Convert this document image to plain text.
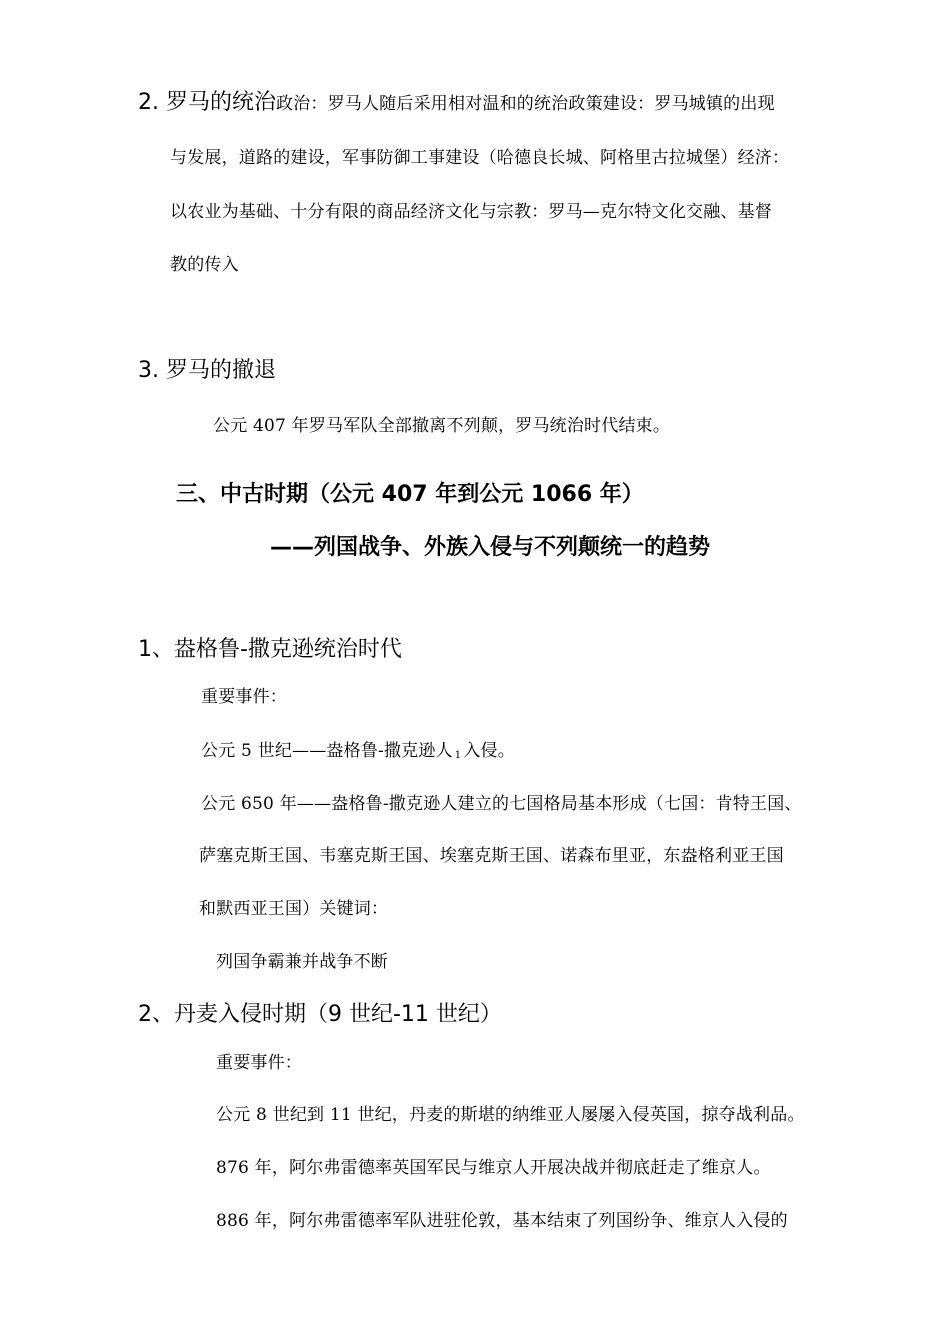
2. 罗马的统治政治：罗马人随后采用相对温和的统治政策建设：罗马城镇的出现
与发展，道路的建设，军事防御工事建设（哈德良长城、阿格里古拉城堡）经济：
以农业为基础、十分有限的商品经济文化与宗教：罗马—克尔特文化交融、基督
教的传入
3. 罗马的撤退
公元 407 年罗马军队全部撤离不列颠，罗马统治时代结束。
三、中古时期（公元 407 年到公元 1066 年）
——列国战争、外族入侵与不列颠统一的趋势
1、盎格鲁-撒克逊统治时代
重要事件：
公元 5 世纪——盎格鲁-撒克逊人 $_1$ 入侵。
公元 650 年——盎格鲁-撒克逊人建立的七国格局基本形成（七国：肯特王国、
萨塞克斯王国、韦塞克斯王国、埃塞克斯王国、诺森布里亚，东盎格利亚王国
和默西亚王国）关键词：
列国争霸兼并战争不断
2、丹麦入侵时期（9 世纪-11 世纪）
重要事件：
公元 8 世纪到 11 世纪，丹麦的斯堪的纳维亚人屡屡入侵英国，掠夺战利品。
876 年，阿尔弗雷德率英国军民与维京人开展决战并彻底赶走了维京人。
886 年，阿尔弗雷德率军队进驻伦敦，基本结束了列国纷争、维京人入侵的
